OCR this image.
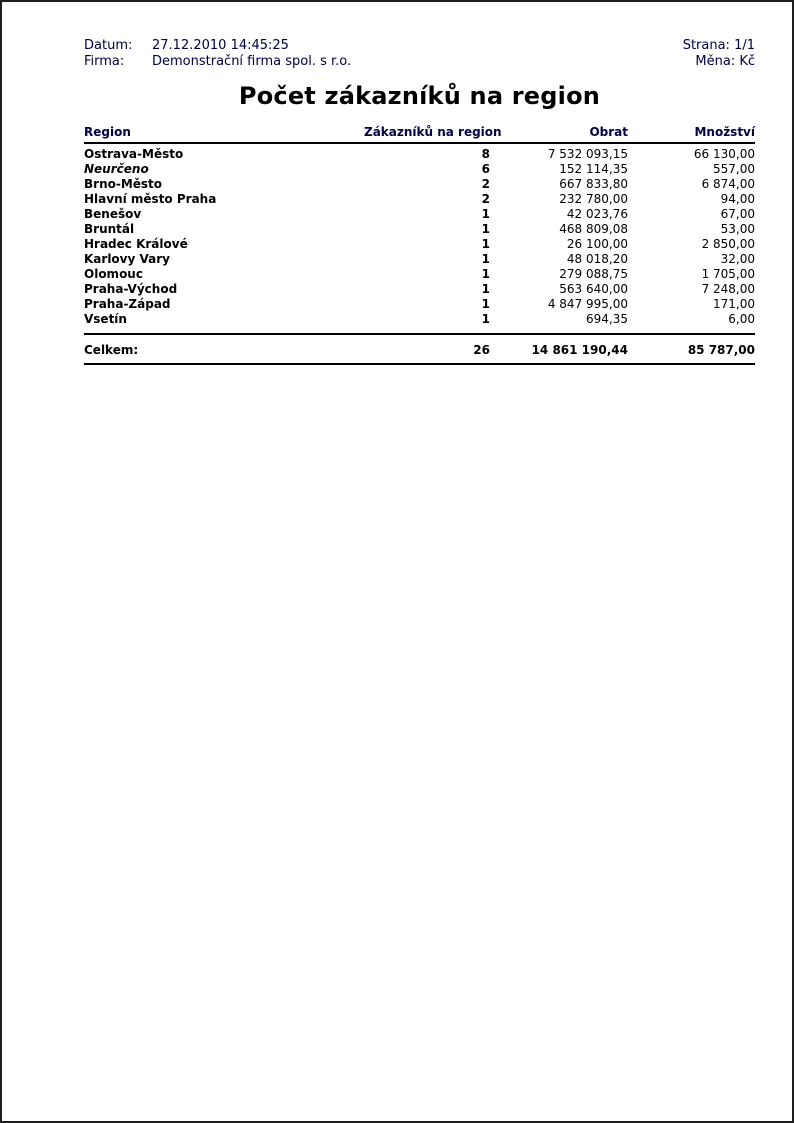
Datum: 27.12.2010 14:45:25
Firma: Demonstrační firma spol. s r.o.
Strana: 1/1
Měna: Kč
Počet zákazníků na region
Region	Zákazníků na region	Obrat	Množství
Ostrava-Město	8	7 532 093,15	66 130,00
Neurčeno	6	152 114,35	557,00
Brno-Město	2	667 833,80	6 874,00
Hlavní město Praha	2	232 780,00	94,00
Benešov	1	42 023,76	67,00
Bruntál	1	468 809,08	53,00
Hradec Králové	1	26 100,00	2 850,00
Karlovy Vary	1	48 018,20	32,00
Olomouc	1	279 088,75	1 705,00
Praha-Východ	1	563 640,00	7 248,00
Praha-Západ	1	4 847 995,00	171,00
Vsetín	1	694,35	6,00
Celkem:	26	14 861 190,44	85 787,00
